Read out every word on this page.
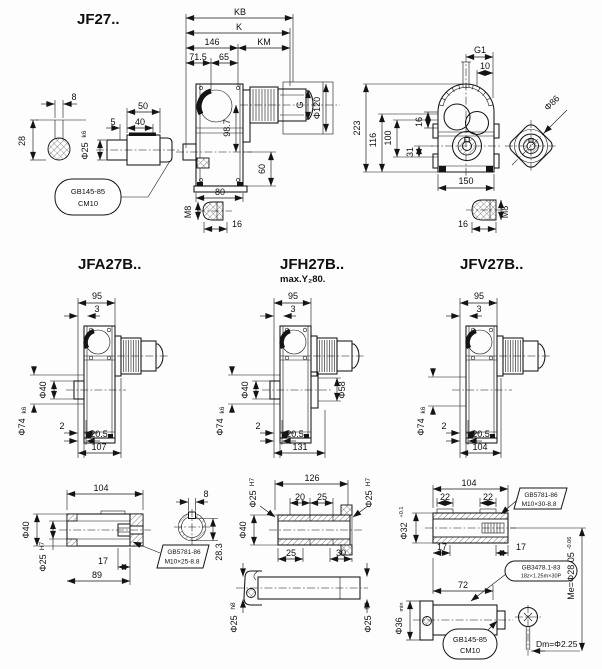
JF27..
8
28
50
5 40
Φ25
k6
GB145-85
CM10
KB
K
146	KM
71.5 65
G Φ120
98.7
60
80
M8
16
G1
10
223
116 100
16
31
150
Φ86
16
M8
JFA27B..
95
3
Φ40
Φ74
k6
2
20.5
107
JFH27B..
max.Y₂80.
95
3
Φ58
Φ40
Φ74
k6
2
20.5
131
JFV27B..
95
3
Φ74
k6
2
20.5
104
104
Φ40
Φ25
H7
17
89
8
28.3
GB5781-86
M10×25-8.8
126
Φ25
H7
Φ25
H7
20 25
Φ40
25	30
Φ25
h8
Φ25
h8
104
22	22
Φ32
+0.1
17	17
GB5781-86
M10×30-8.8
GB3478.1-83
18z×1.25m×30P
72
Φ36
min
GB145-85
CM10
Dm=Φ2.25
Me=Φ28.05
-0.06
